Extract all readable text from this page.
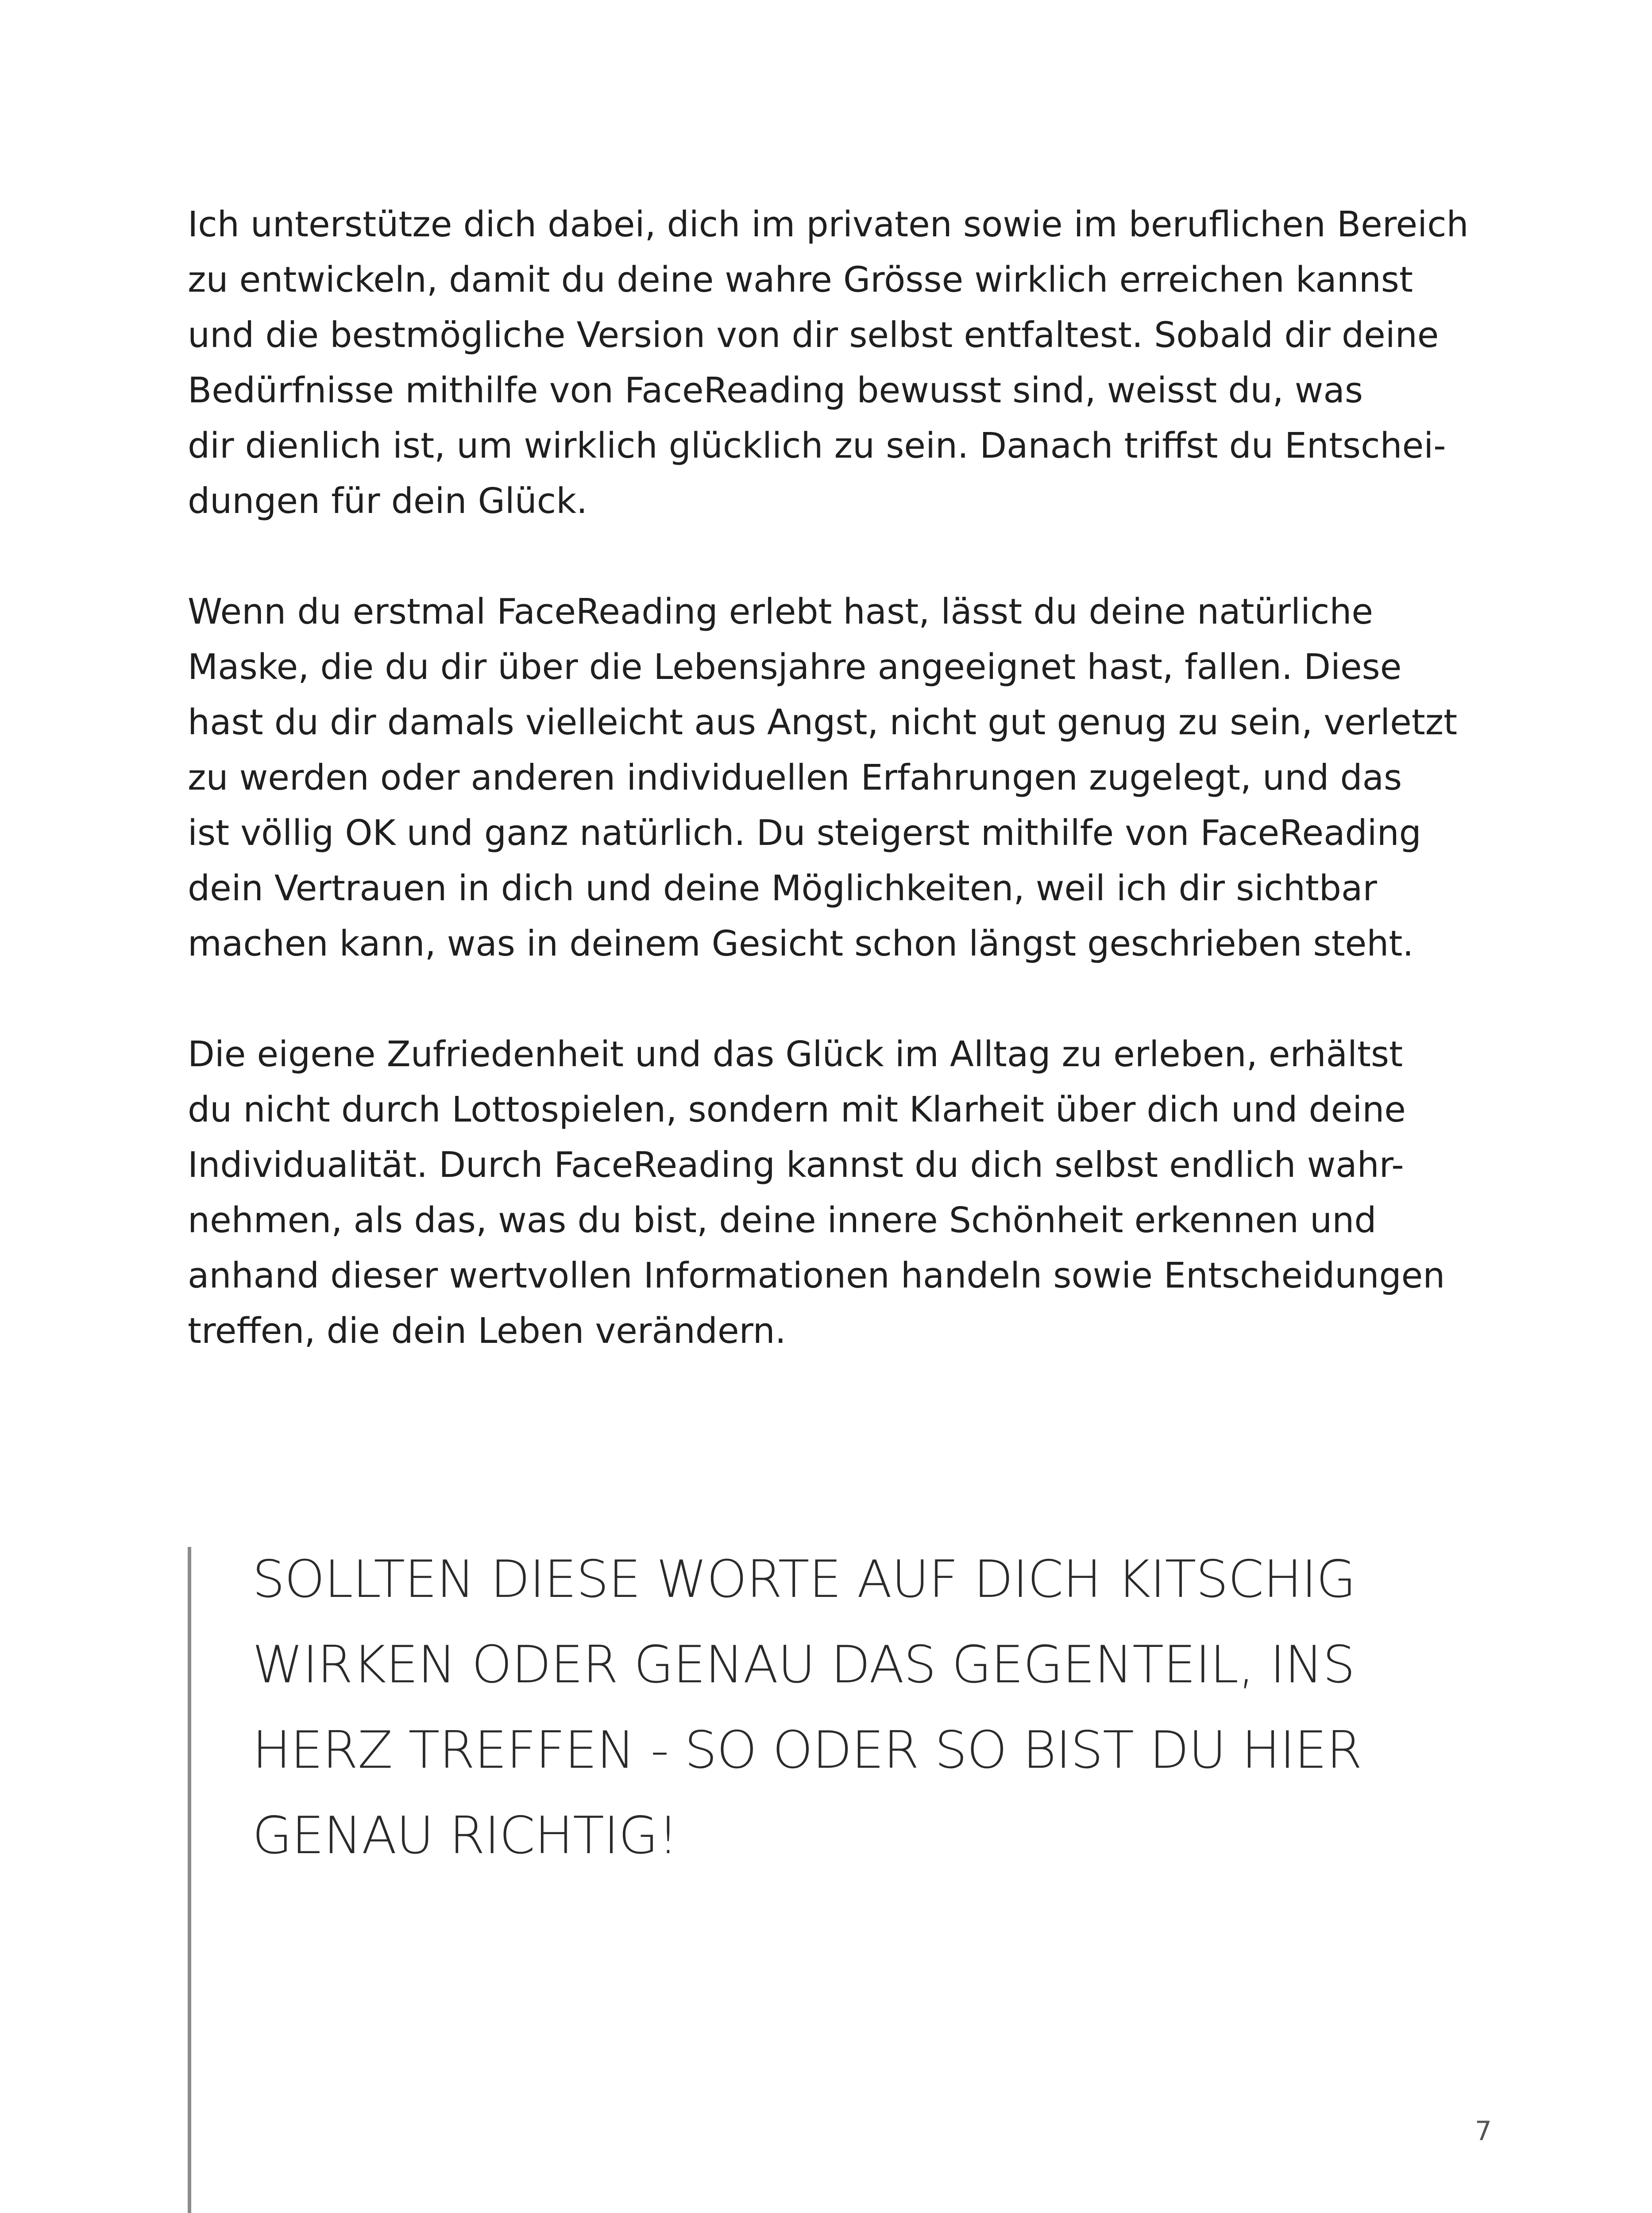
Ich unterstütze dich dabei, dich im privaten sowie im beruflichen Bereich
zu entwickeln, damit du deine wahre Grösse wirklich erreichen kannst
und die bestmögliche Version von dir selbst entfaltest. Sobald dir deine
Bedürfnisse mithilfe von FaceReading bewusst sind, weisst du, was
dir dienlich ist, um wirklich glücklich zu sein. Danach triffst du Entschei-
dungen für dein Glück.

Wenn du erstmal FaceReading erlebt hast, lässt du deine natürliche
Maske, die du dir über die Lebensjahre angeeignet hast, fallen. Diese
hast du dir damals vielleicht aus Angst, nicht gut genug zu sein, verletzt
zu werden oder anderen individuellen Erfahrungen zugelegt, und das
ist völlig OK und ganz natürlich. Du steigerst mithilfe von FaceReading
dein Vertrauen in dich und deine Möglichkeiten, weil ich dir sichtbar
machen kann, was in deinem Gesicht schon längst geschrieben steht.

Die eigene Zufriedenheit und das Glück im Alltag zu erleben, erhältst
du nicht durch Lottospielen, sondern mit Klarheit über dich und deine
Individualität. Durch FaceReading kannst du dich selbst endlich wahr-
nehmen, als das, was du bist, deine innere Schönheit erkennen und
anhand dieser wertvollen Informationen handeln sowie Entscheidungen
treffen, die dein Leben verändern.

SOLLTEN DIESE WORTE AUF DICH KITSCHIG
WIRKEN ODER GENAU DAS GEGENTEIL, INS
HERZ TREFFEN - SO ODER SO BIST DU HIER
GENAU RICHTIG!
7
